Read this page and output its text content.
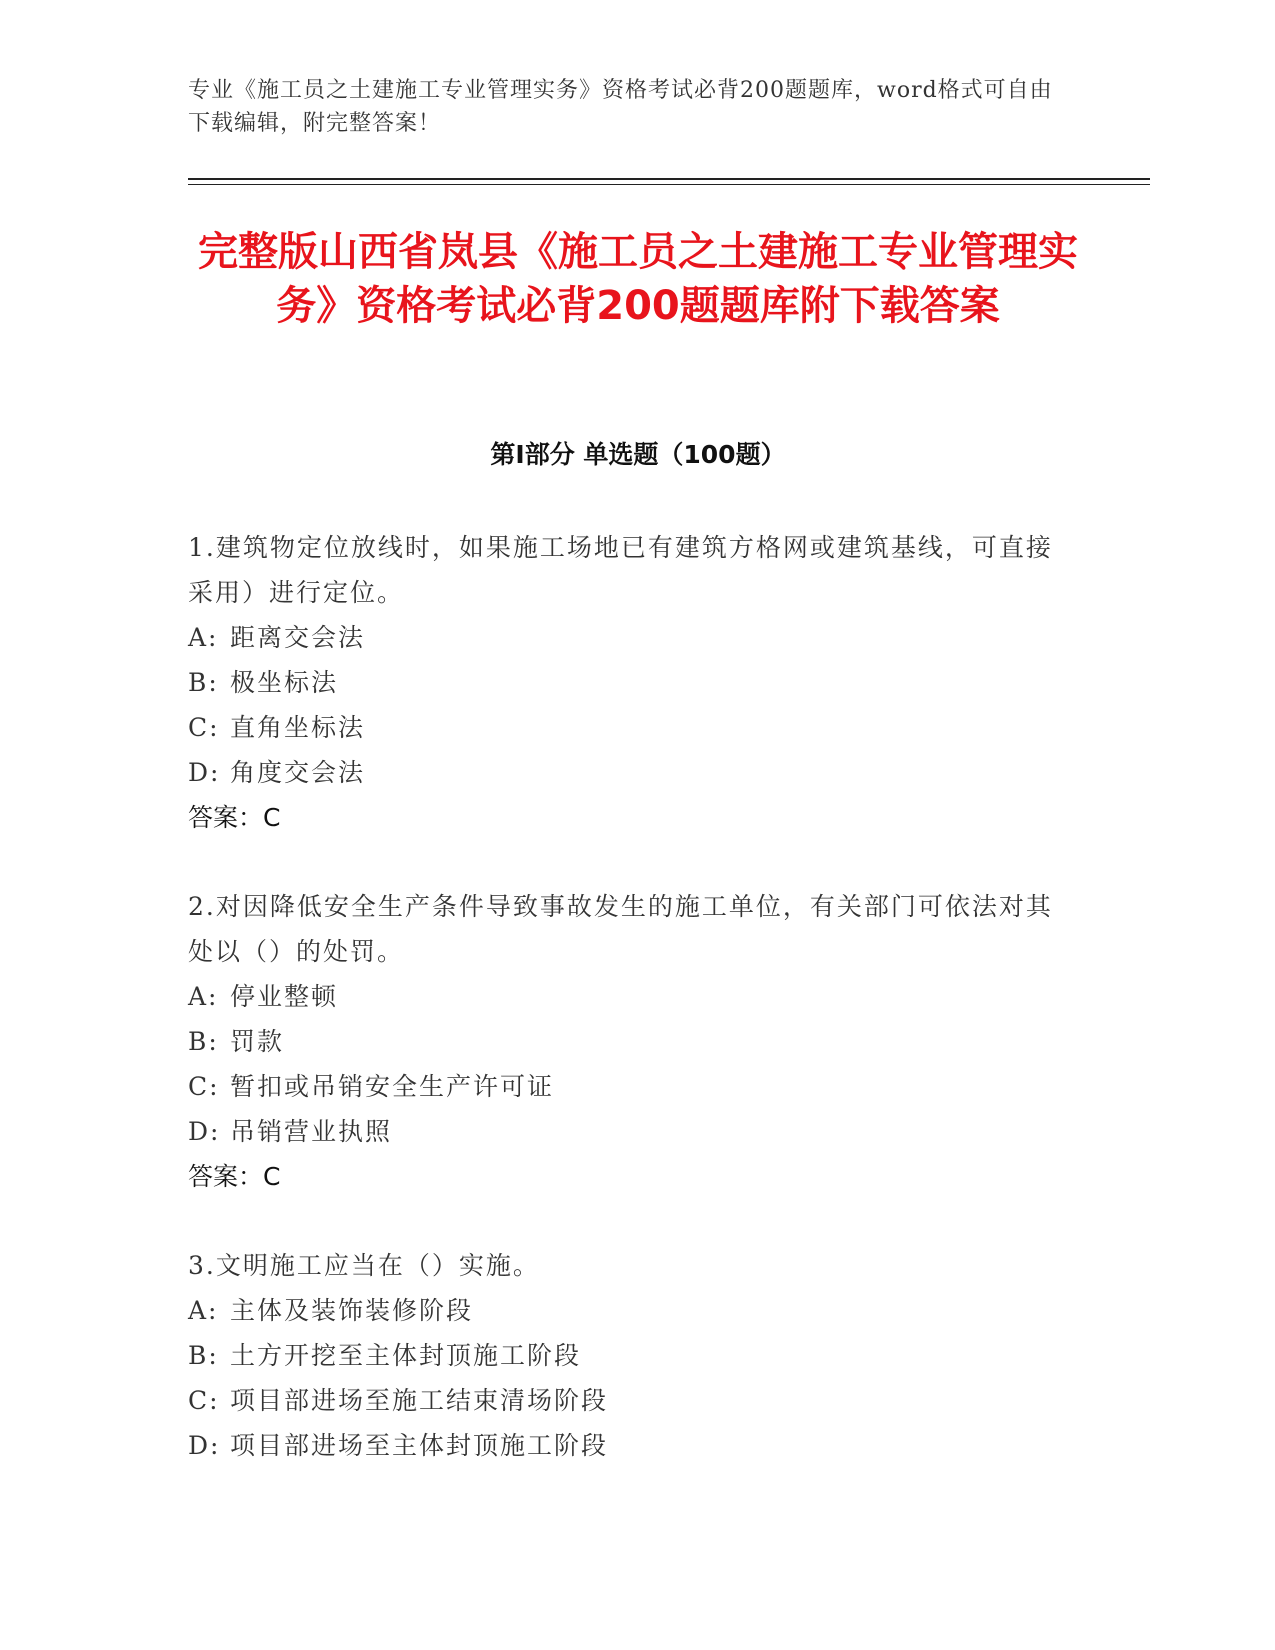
专业《施工员之土建施工专业管理实务》资格考试必背200题题库，word格式可自由下载编辑，附完整答案！
完整版山西省岚县《施工员之土建施工专业管理实务》资格考试必背200题题库附下载答案
第Ⅰ部分 单选题（100题）

1.建筑物定位放线时，如果施工场地已有建筑方格网或建筑基线，可直接采用）进行定位。

A: 距离交会法
B: 极坐标法
C: 直角坐标法
D: 角度交会法

答案：C

2.对因降低安全生产条件导致事故发生的施工单位，有关部门可依法对其处以（）的处罚。

A: 停业整顿
B: 罚款
C: 暂扣或吊销安全生产许可证
D: 吊销营业执照

答案：C

3.文明施工应当在（）实施。

A: 主体及装饰装修阶段
B: 土方开挖至主体封顶施工阶段
C: 项目部进场至施工结束清场阶段
D: 项目部进场至主体封顶施工阶段
